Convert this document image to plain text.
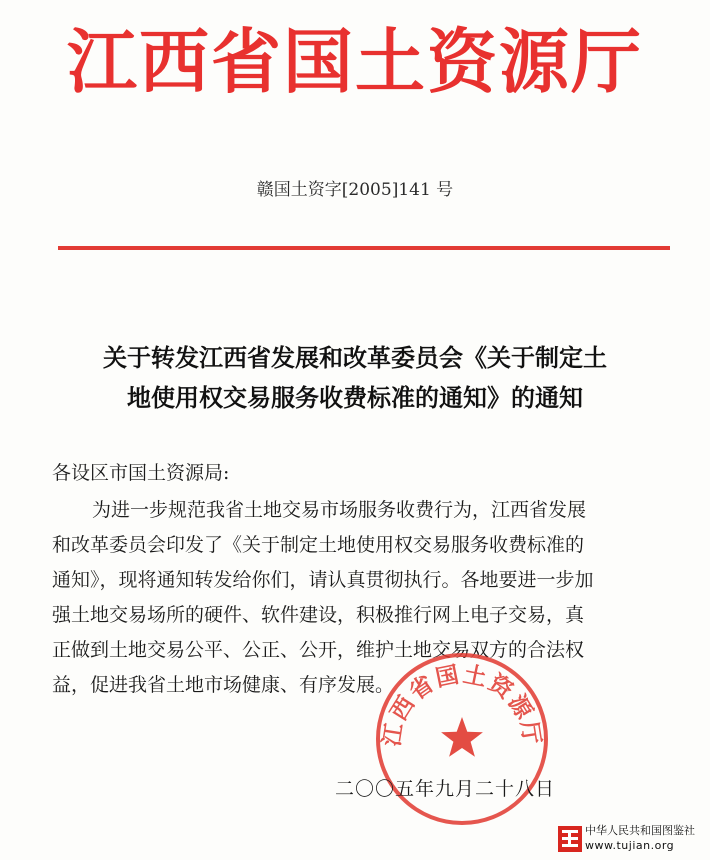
江西省国土资源厅
赣国土资字[2005]141 号
关于转发江西省发展和改革委员会《关于制定土
地使用权交易服务收费标准的通知》的通知
各设区市国土资源局:
为进一步规范我省土地交易市场服务收费行为，江西省发展
和改革委员会印发了《关于制定土地使用权交易服务收费标准的
通知》，现将通知转发给你们，请认真贯彻执行。各地要进一步加
强土地交易场所的硬件、软件建设，积极推行网上电子交易，真
正做到土地交易公平、公正、公开，维护土地交易双方的合法权
益，促进我省土地市场健康、有序发展。
江西省国土资源厅
二〇〇五年九月二十八日
中华人民共和国图鉴社
www.tujian.org
